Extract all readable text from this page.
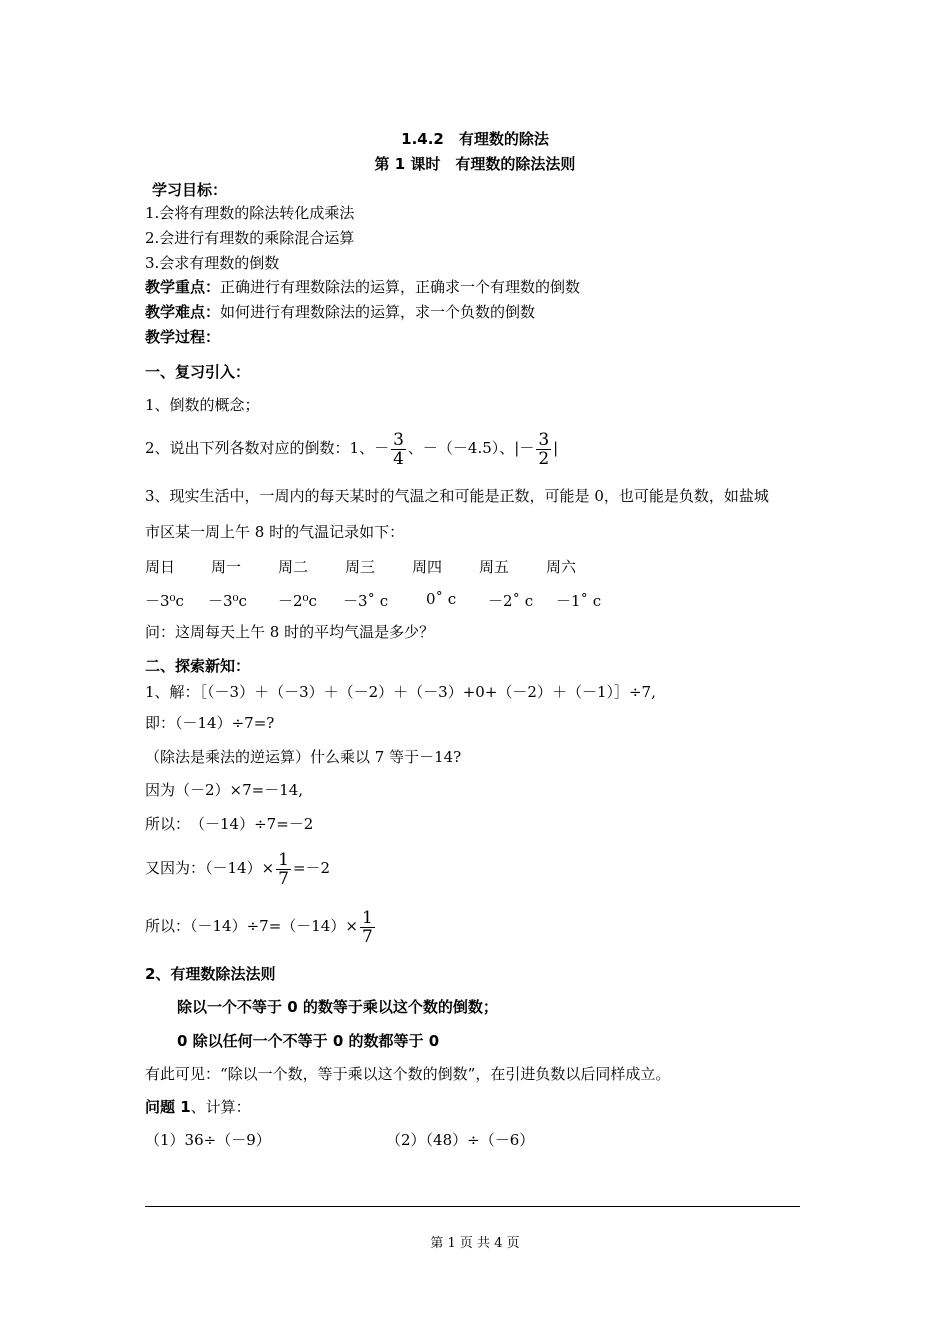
1.4.2　有理数的除法
第 1 课时　有理数的除法法则
学习目标：
1.会将有理数的除法转化成乘法
2.会进行有理数的乘除混合运算
3.会求有理数的倒数
教学重点：正确进行有理数除法的运算，正确求一个有理数的倒数
教学难点：如何进行有理数除法的运算，求一个负数的倒数
教学过程：
一、复习引入：
1、倒数的概念；
2、说出下列各数对应的倒数：1、－ $\frac{3}{4}$ 、－（－4.5）、|－ $\frac{3}{2}$ |
3、现实生活中，一周内的每天某时的气温之和可能是正数，可能是 0，也可能是负数，如盐城
市区某一周上午 8 时的气温记录如下：
周日 周一 周二 周三 周四 周五 周六
－3⁰c －3⁰c －2⁰c －3˚ c	0˚ c －2˚ c －1˚ c
问：这周每天上午 8 时的平均气温是多少？
二、探索新知：
1、解：［（－3）＋（－3）＋（－2）＋（－3）+0+（－2）＋（－1）］÷7,
即：（－14）÷7=?
（除法是乘法的逆运算）什么乘以 7 等于－14?
因为（－2）×7=－14,
所以：　（－14）÷7=－2
又因为：$(-14)\times \frac{1}{7} =-2$
所以：$(-14)\div 7=(-14)\times \frac{1}{7}$
2、有理数除法法则
除以一个不等于 0 的数等于乘以这个数的倒数；
0 除以任何一个不等于 0 的数都等于 0
有此可见：“除以一个数，等于乘以这个数的倒数”，在引进负数以后同样成立。
问题 1、计算：
（1）36÷（－9）	（2）（48）÷（－6）
第 1 页 共 4 页
